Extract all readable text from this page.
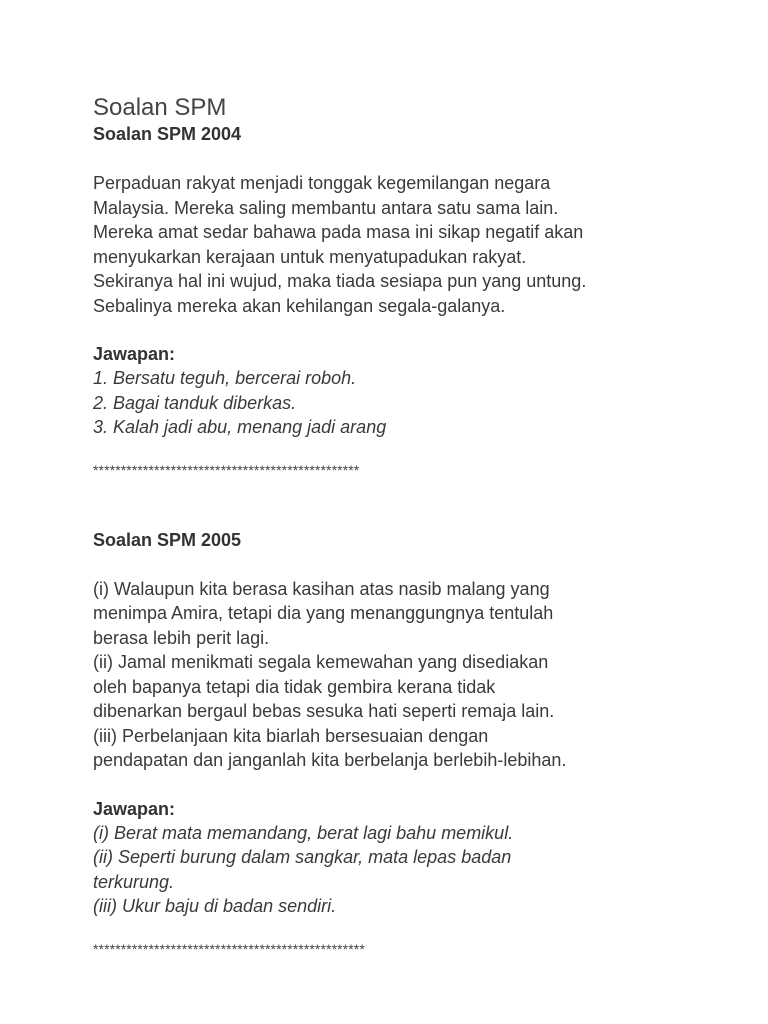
Soalan SPM
Soalan SPM 2004

Perpaduan rakyat menjadi tonggak kegemilangan negara
Malaysia. Mereka saling membantu antara satu sama lain.
Mereka amat sedar bahawa pada masa ini sikap negatif akan
menyukarkan kerajaan untuk menyatupadukan rakyat.
Sekiranya hal ini wujud, maka tiada sesiapa pun yang untung.
Sebalinya mereka akan kehilangan segala-galanya.

Jawapan:

1. Bersatu teguh, bercerai roboh.
2. Bagai tanduk diberkas.
3. Kalah jadi abu, menang jadi arang

************************************************

Soalan SPM 2005

(i) Walaupun kita berasa kasihan atas nasib malang yang
menimpa Amira, tetapi dia yang menanggungnya tentulah
berasa lebih perit lagi.
(ii) Jamal menikmati segala kemewahan yang disediakan
oleh bapanya tetapi dia tidak gembira kerana tidak
dibenarkan bergaul bebas sesuka hati seperti remaja lain.
(iii) Perbelanjaan kita biarlah bersesuaian dengan
pendapatan dan janganlah kita berbelanja berlebih-lebihan.

Jawapan:

(i) Berat mata memandang, berat lagi bahu memikul.
(ii) Seperti burung dalam sangkar, mata lepas badan
terkurung.
(iii) Ukur baju di badan sendiri.

*************************************************
